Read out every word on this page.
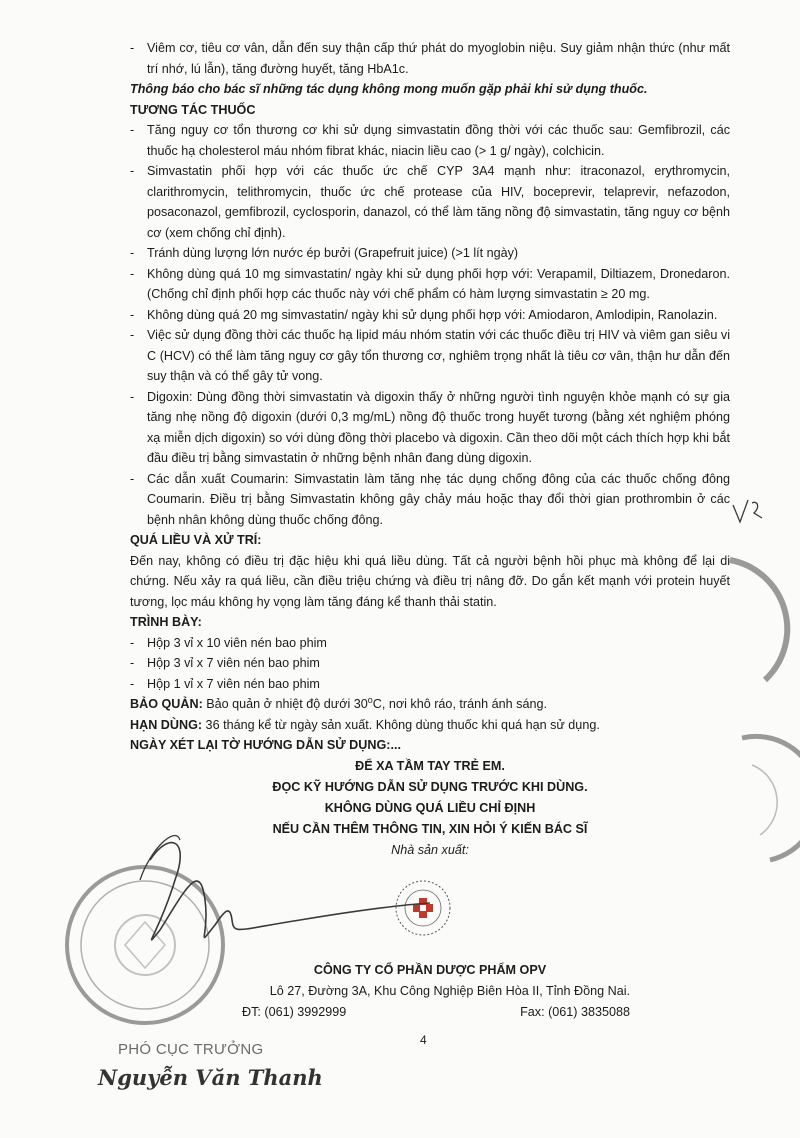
- Viêm cơ, tiêu cơ vân, dẫn đến suy thận cấp thứ phát do myoglobin niệu. Suy giảm nhận thức (như mất trí nhớ, lú lẫn), tăng đường huyết, tăng HbA1c.
Thông báo cho bác sĩ những tác dụng không mong muốn gặp phải khi sử dụng thuốc.
TƯƠNG TÁC THUỐC
- Tăng nguy cơ tổn thương cơ khi sử dụng simvastatin đồng thời với các thuốc sau: Gemfibrozil, các thuốc hạ cholesterol máu nhóm fibrat khác, niacin liều cao (> 1 g/ ngày), colchicin.
- Simvastatin phối hợp với các thuốc ức chế CYP 3A4 mạnh như: itraconazol, erythromycin, clarithromycin, telithromycin, thuốc ức chế protease của HIV, boceprevir, telaprevir, nefazodon, posaconazol, gemfibrozil, cyclosporin, danazol, có thể làm tăng nồng độ simvastatin, tăng nguy cơ bệnh cơ (xem chống chỉ định).
- Tránh dùng lượng lớn nước ép bưởi (Grapefruit juice) (>1 lít ngày)
- Không dùng quá 10 mg simvastatin/ ngày khi sử dụng phối hợp với: Verapamil, Diltiazem, Dronedaron. (Chống chỉ định phối hợp các thuốc này với chế phẩm có hàm lượng simvastatin ≥ 20 mg.
- Không dùng quá 20 mg simvastatin/ ngày khi sử dụng phối hợp với: Amiodaron, Amlodipin, Ranolazin.
- Việc sử dụng đồng thời các thuốc hạ lipid máu nhóm statin với các thuốc điều trị HIV và viêm gan siêu vi C (HCV) có thể làm tăng nguy cơ gây tổn thương cơ, nghiêm trọng nhất là tiêu cơ vân, thận hư dẫn đến suy thận và có thể gây tử vong.
- Digoxin: Dùng đồng thời simvastatin và digoxin thấy ở những người tình nguyện khỏe mạnh có sự gia tăng nhẹ nồng độ digoxin (dưới 0,3 mg/mL) nồng độ thuốc trong huyết tương (bằng xét nghiệm phóng xạ miễn dịch digoxin) so với dùng đồng thời placebo và digoxin. Cần theo dõi một cách thích hợp khi bắt đầu điều trị bằng simvastatin ở những bệnh nhân đang dùng digoxin.
- Các dẫn xuất Coumarin: Simvastatin làm tăng nhẹ tác dụng chống đông của các thuốc chống đông Coumarin. Điều trị bằng Simvastatin không gây chảy máu hoặc thay đổi thời gian prothrombin ở các bệnh nhân không dùng thuốc chống đông.
QUÁ LIỀU VÀ XỬ TRÍ:
Đến nay, không có điều trị đặc hiệu khi quá liều dùng. Tất cả người bệnh hồi phục mà không để lại di chứng. Nếu xảy ra quá liều, cần điều triệu chứng và điều trị nâng đỡ. Do gắn kết mạnh với protein huyết tương, lọc máu không hy vọng làm tăng đáng kể thanh thải statin.
TRÌNH BÀY:
- Hộp 3 vỉ x 10 viên nén bao phim
- Hộp 3 vỉ x 7 viên nén bao phim
- Hộp 1 vỉ x 7 viên nén bao phim
BẢO QUẢN: Bảo quản ở nhiệt độ dưới 30$^o$C, nơi khô ráo, tránh ánh sáng.
HẠN DÙNG: 36 tháng kể từ ngày sản xuất. Không dùng thuốc khi quá hạn sử dụng.
NGÀY XÉT LẠI TỜ HƯỚNG DẪN SỬ DỤNG:...
ĐỂ XA TẦM TAY TRẺ EM.
ĐỌC KỸ HƯỚNG DẪN SỬ DỤNG TRƯỚC KHI DÙNG.
KHÔNG DÙNG QUÁ LIỀU CHỈ ĐỊNH
NẾU CẦN THÊM THÔNG TIN, XIN HỎI Ý KIẾN BÁC SĨ
Nhà sản xuất:
CÔNG TY CỔ PHẦN DƯỢC PHẨM OPV
Lô 27, Đường 3A, Khu Công Nghiệp Biên Hòa II, Tỉnh Đồng Nai.
ĐT: (061) 3992999	Fax: (061) 3835088
4
PHÓ CỤC TRƯỞNG
Nguyễn Văn Thanh
